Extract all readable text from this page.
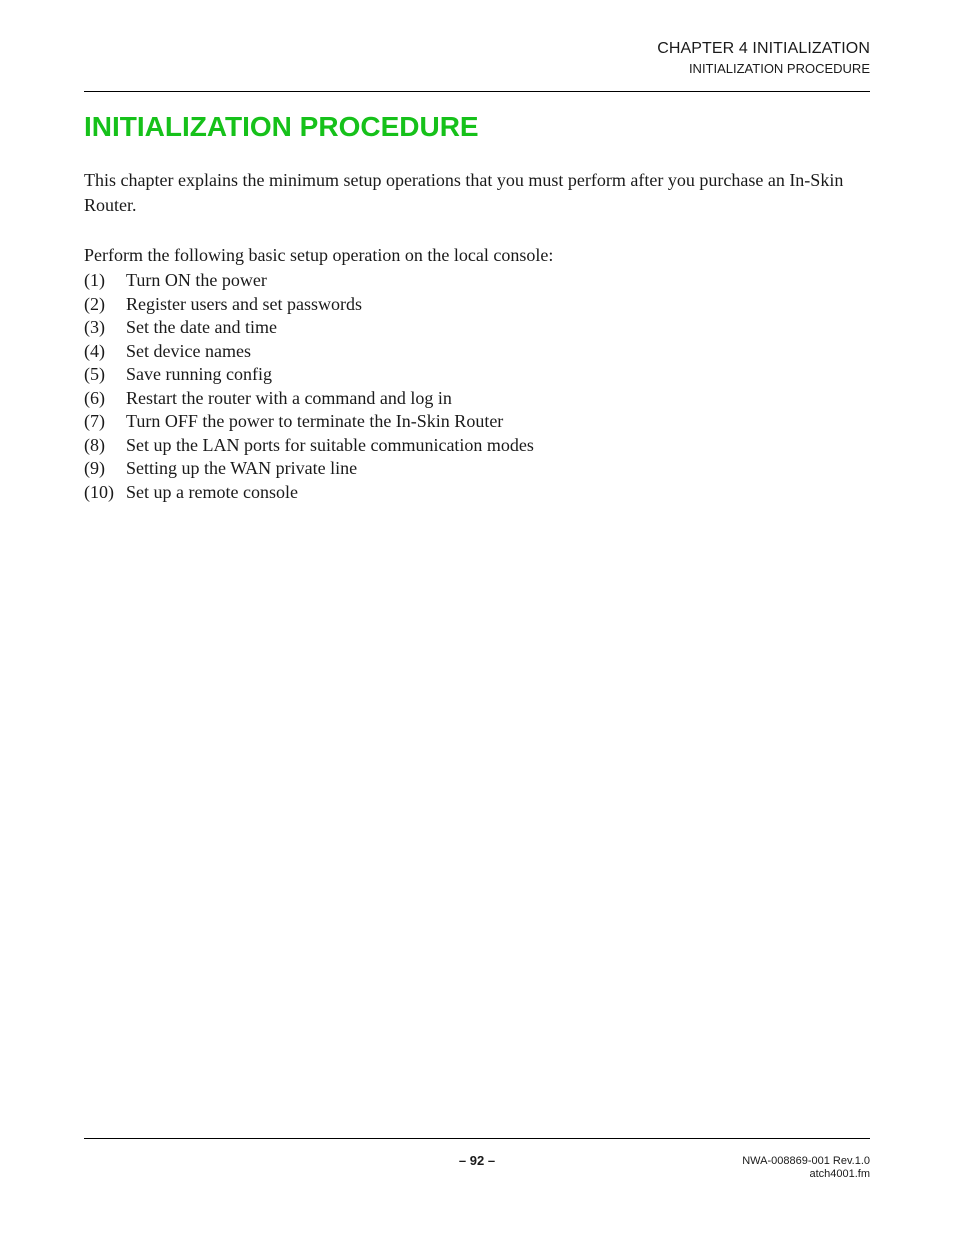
CHAPTER 4 INITIALIZATION
INITIALIZATION PROCEDURE
INITIALIZATION PROCEDURE

This chapter explains the minimum setup operations that you must perform after you purchase an In-Skin Router.

Perform the following basic setup operation on the local console:

(1) Turn ON the power
(2) Register users and set passwords
(3) Set the date and time
(4) Set device names
(5) Save running config
(6) Restart the router with a command and log in
(7) Turn OFF the power to terminate the In-Skin Router
(8) Set up the LAN ports for suitable communication modes
(9) Setting up the WAN private line
(10) Set up a remote console
– 92 –	NWA-008869-001 Rev.1.0
atch4001.fm
